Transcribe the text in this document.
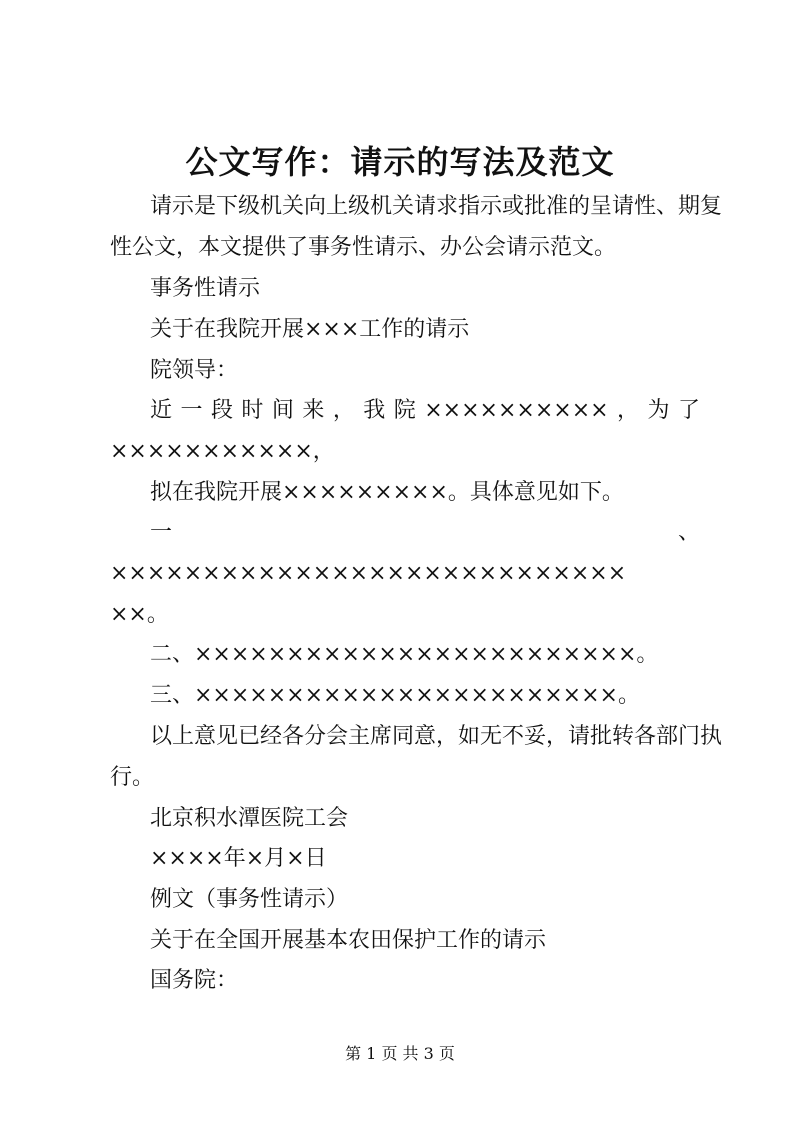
公文写作：请示的写法及范文
请示是下级机关向上级机关请求指示或批准的呈请性、期复
性公文，本文提供了事务性请示、办公会请示范文。
事务性请示
关于在我院开展×××工作的请示
院领导：
近一段时间来，我院××××××××××，为了
×××××××××××，
拟在我院开展×××××××××。具体意见如下。
一	、
××××××××××××××××××××××××××××
××。
二、××××××××××××××××××××××××。
三、×××××××××××××××××××××××。
以上意见已经各分会主席同意，如无不妥，请批转各部门执
行。
北京积水潭医院工会
××××年×月×日
例文（事务性请示）
关于在全国开展基本农田保护工作的请示
国务院：
第 1 页 共 3 页
